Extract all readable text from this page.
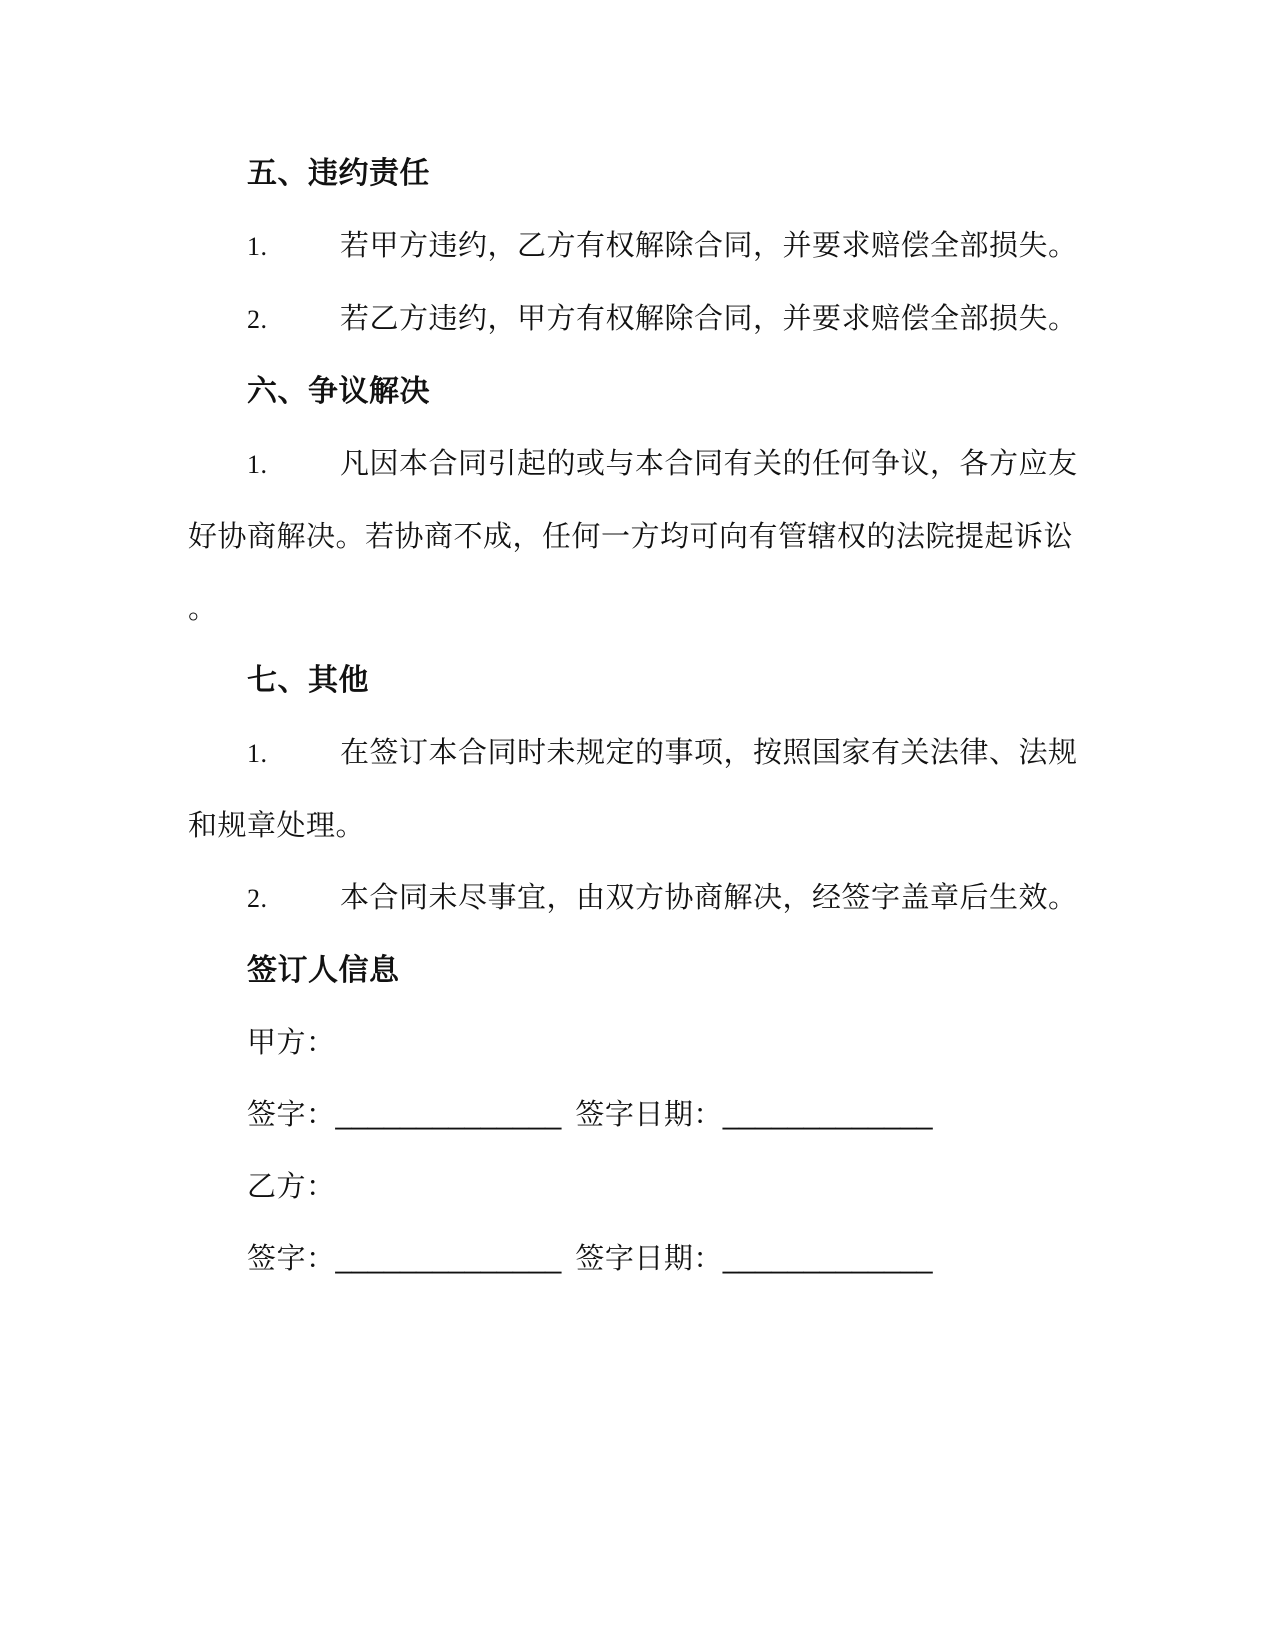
五、违约责任
1.	若甲方违约，乙方有权解除合同，并要求赔偿全部损失。
2.	若乙方违约，甲方有权解除合同，并要求赔偿全部损失。
六、争议解决
1.	凡因本合同引起的或与本合同有关的任何争议，各方应友
好协商解决。若协商不成，任何一方均可向有管辖权的法院提起诉讼
。
七、其他
1.	在签订本合同时未规定的事项，按照国家有关法律、法规
和规章处理。
2.	本合同未尽事宜，由双方协商解决，经签字盖章后生效。
签订人信息
甲方：
签字：______________ 签字日期：_____________
乙方：
签字：______________ 签字日期：_____________
